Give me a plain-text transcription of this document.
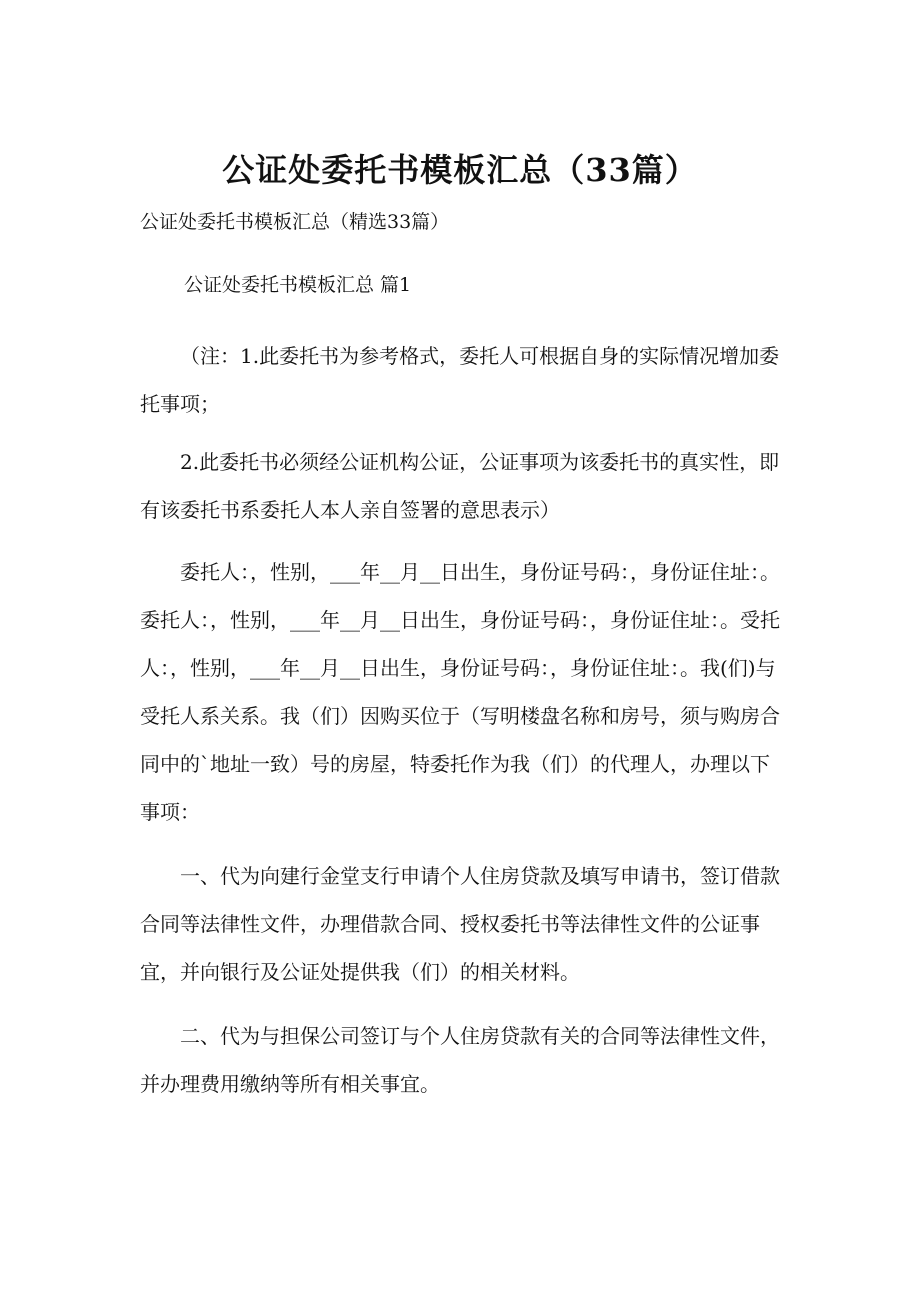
公证处委托书模板汇总（33篇）
公证处委托书模板汇总（精选33篇）
公证处委托书模板汇总 篇1

（注：1.此委托书为参考格式，委托人可根据自身的实际情况增加委托事项；

2.此委托书必须经公证机构公证，公证事项为该委托书的真实性，即有该委托书系委托人本人亲自签署的意思表示）

委托人：，性别，___年__月__日出生，身份证号码：，身份证住址：。委托人：，性别，___年__月__日出生，身份证号码：，身份证住址：。受托人：，性别，___年__月__日出生，身份证号码：，身份证住址：。我(们)与受托人系关系。我（们）因购买位于（写明楼盘名称和房号，须与购房合同中的`地址一致）号的房屋，特委托作为我（们）的代理人，办理以下事项：

一、代为向建行金堂支行申请个人住房贷款及填写申请书，签订借款合同等法律性文件，办理借款合同、授权委托书等法律性文件的公证事宜，并向银行及公证处提供我（们）的相关材料。

二、代为与担保公司签订与个人住房贷款有关的合同等法律性文件，并办理费用缴纳等所有相关事宜。
